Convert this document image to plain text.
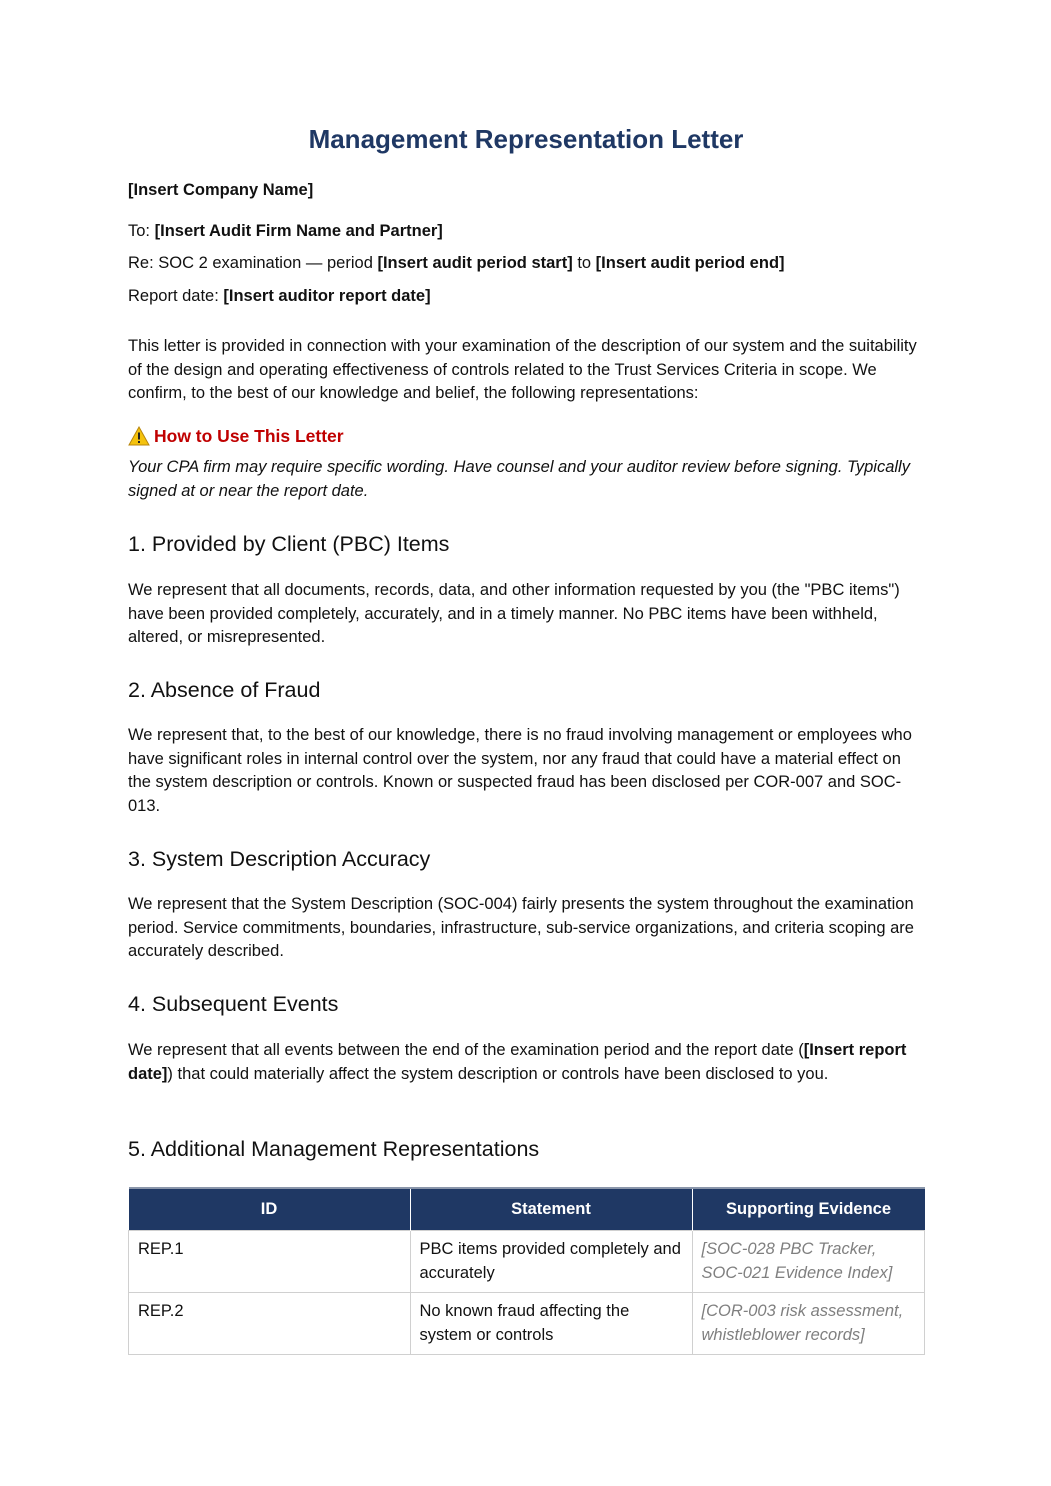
Management Representation Letter

[Insert Company Name]

To: [Insert Audit Firm Name and Partner]

Re: SOC 2 examination — period [Insert audit period start] to [Insert audit period end]

Report date: [Insert auditor report date]

This letter is provided in connection with your examination of the description of our system and the suitability of the design and operating effectiveness of controls related to the Trust Services Criteria in scope. We confirm, to the best of our knowledge and belief, the following representations:

How to Use This Letter

Your CPA firm may require specific wording. Have counsel and your auditor review before signing. Typically signed at or near the report date.

1. Provided by Client (PBC) Items

We represent that all documents, records, data, and other information requested by you (the "PBC items") have been provided completely, accurately, and in a timely manner. No PBC items have been withheld, altered, or misrepresented.

2. Absence of Fraud

We represent that, to the best of our knowledge, there is no fraud involving management or employees who have significant roles in internal control over the system, nor any fraud that could have a material effect on the system description or controls. Known or suspected fraud has been disclosed per COR-007 and SOC-013.

3. System Description Accuracy

We represent that the System Description (SOC-004) fairly presents the system throughout the examination period. Service commitments, boundaries, infrastructure, sub-service organizations, and criteria scoping are accurately described.

4. Subsequent Events

We represent that all events between the end of the examination period and the report date ([Insert report date]) that could materially affect the system description or controls have been disclosed to you.

5. Additional Management Representations
ID	Statement	Supporting Evidence
REP.1	PBC items provided completely and accurately	[SOC-028 PBC Tracker, SOC-021 Evidence Index]
REP.2	No known fraud affecting the system or controls	[COR-003 risk assessment, whistleblower records]
